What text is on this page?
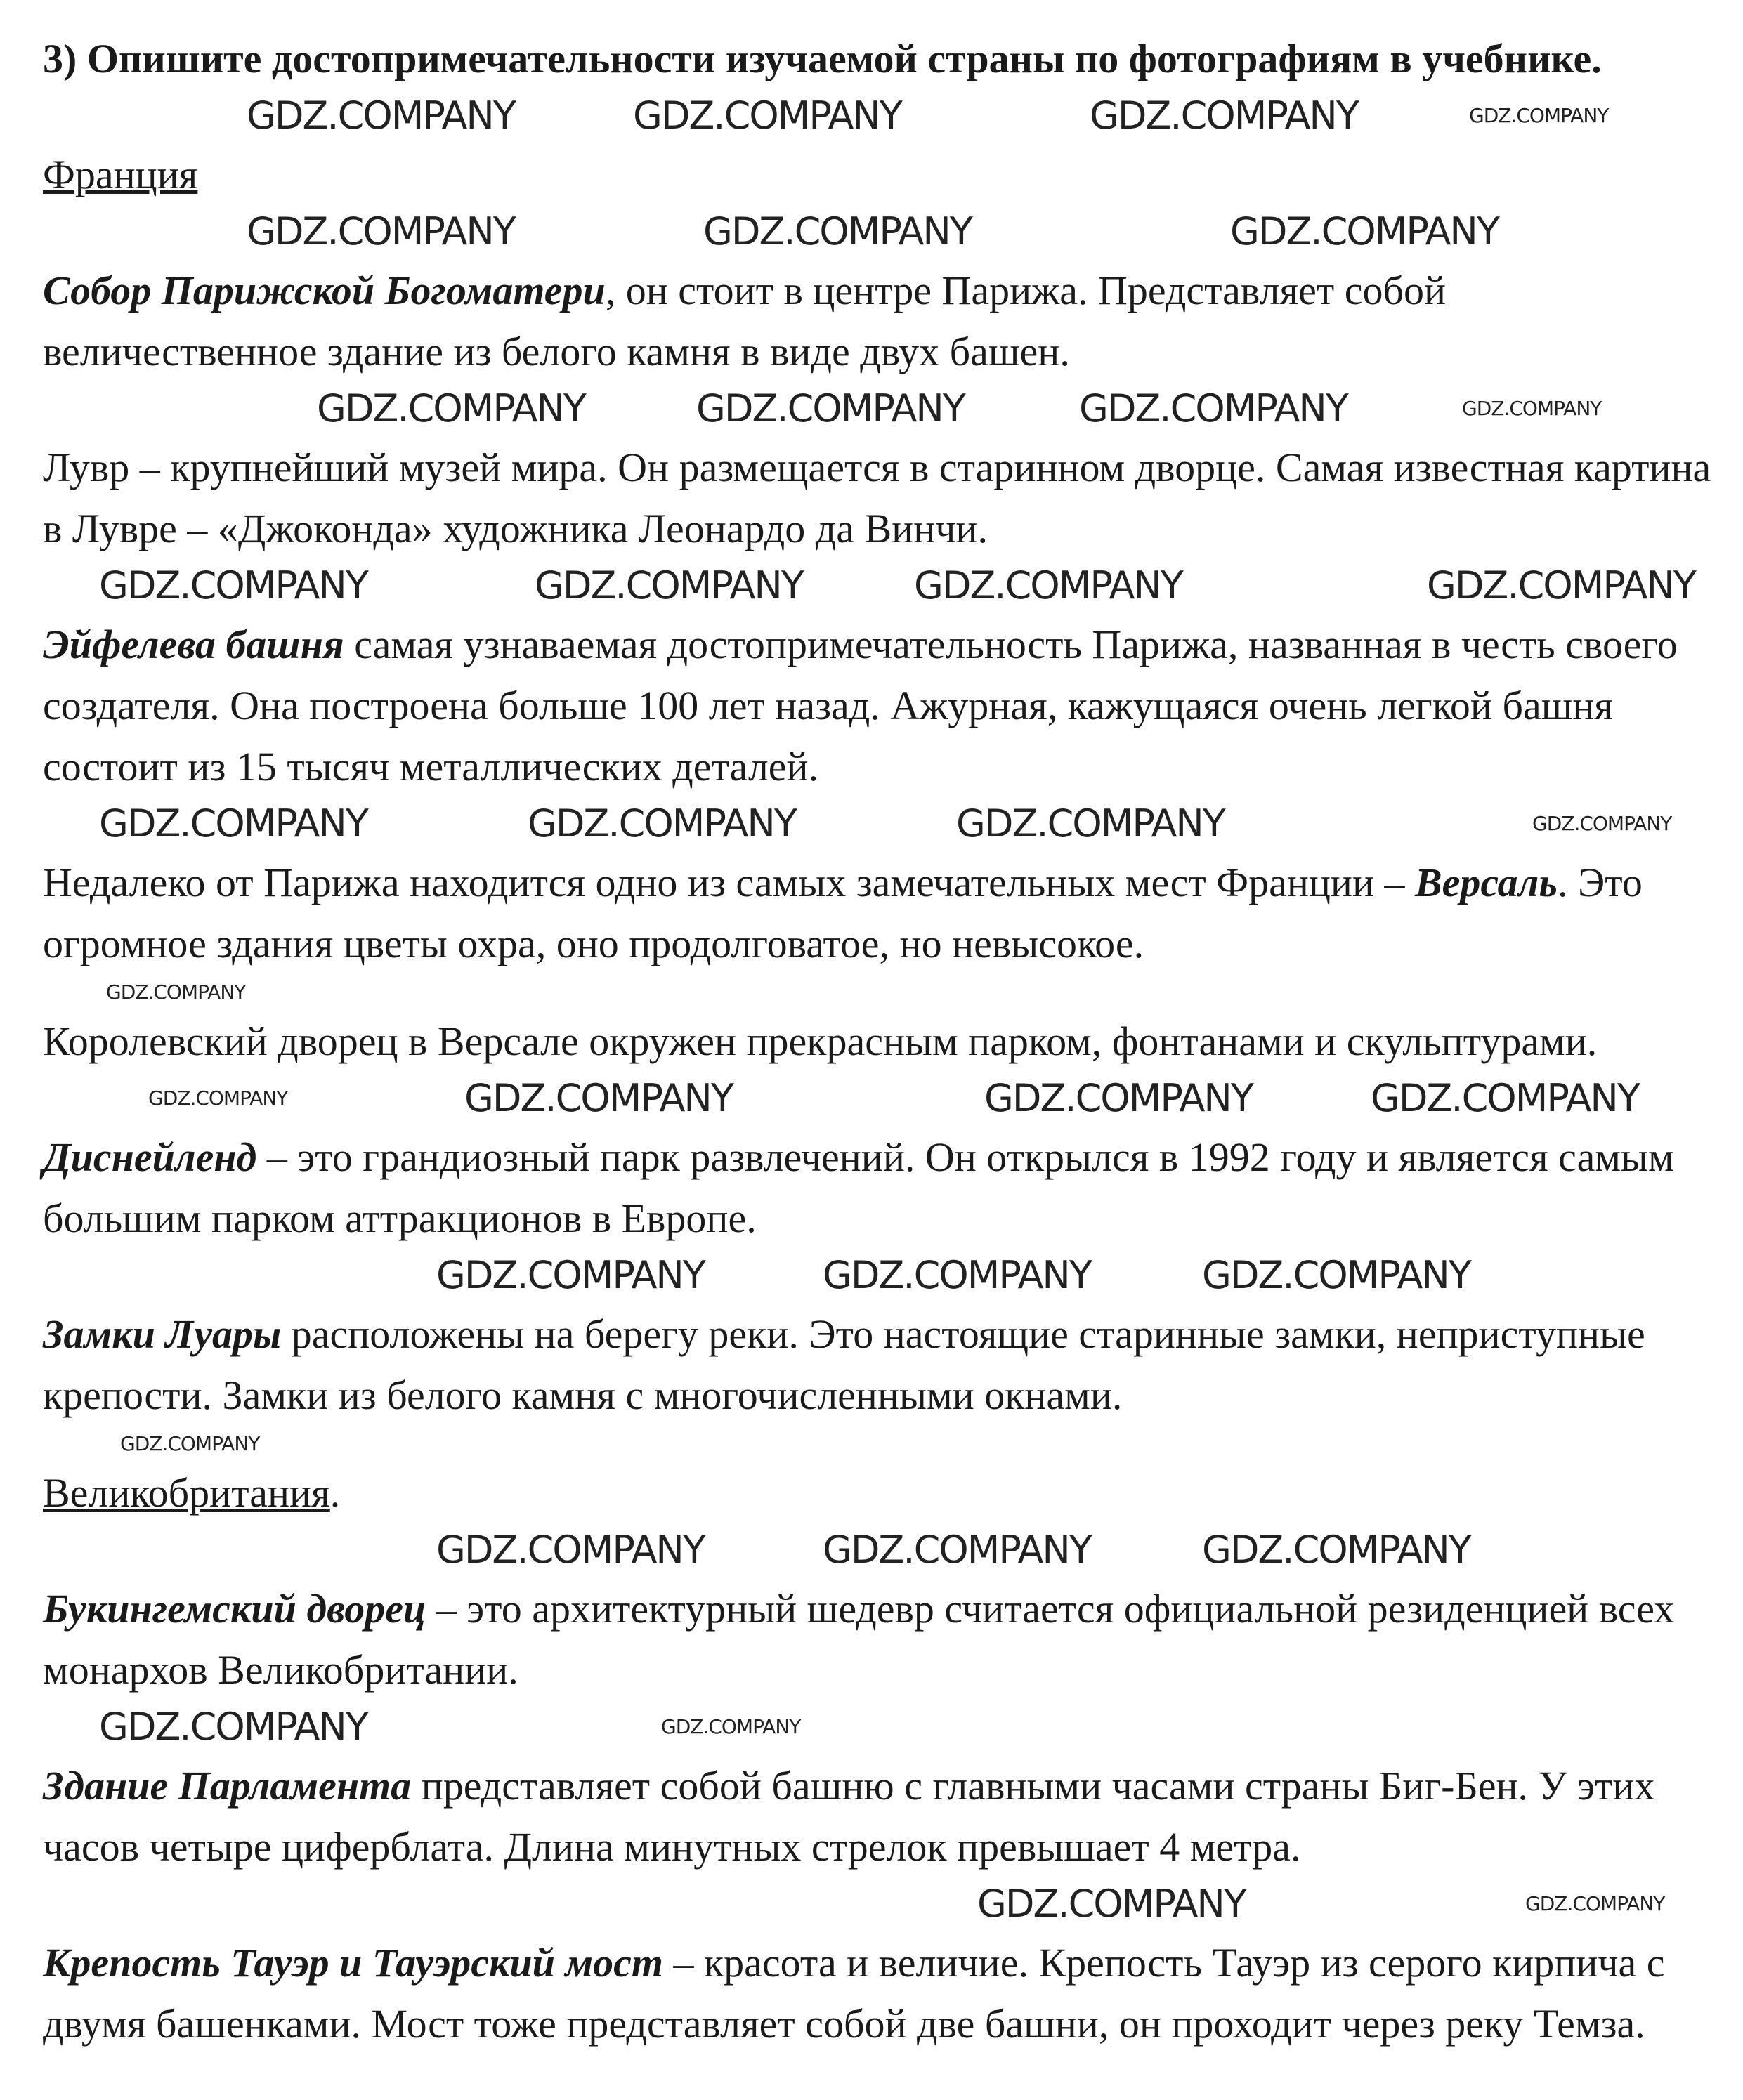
3) Опишите достопримечательности изучаемой страны по фотографиям в учебнике.
GDZ.COMPANY	GDZ.COMPANY	GDZ.COMPANY	GDZ.COMPANY
Франция
GDZ.COMPANY	GDZ.COMPANY	GDZ.COMPANY

Собор Парижской Богоматери, он стоит в центре Парижа. Представляет собой величественное здание из белого камня в виде двух башен.

GDZ.COMPANY	GDZ.COMPANY	GDZ.COMPANY	GDZ.COMPANY

Лувр – крупнейший музей мира. Он размещается в старинном дворце. Самая известная картина в Лувре – «Джоконда» художника Леонардо да Винчи.

GDZ.COMPANY	GDZ.COMPANY	GDZ.COMPANY	GDZ.COMPANY

Эйфелева башня самая узнаваемая достопримечательность Парижа, названная в честь своего создателя. Она построена больше 100 лет назад. Ажурная, кажущаяся очень легкой башня состоит из 15 тысяч металлических деталей.

GDZ.COMPANY	GDZ.COMPANY	GDZ.COMPANY	GDZ.COMPANY

Недалеко от Парижа находится одно из самых замечательных мест Франции – Версаль. Это огромное здания цветы охра, оно продолговатое, но невысокое.

GDZ.COMPANY

Королевский дворец в Версале окружен прекрасным парком, фонтанами и скульптурами.

GDZ.COMPANY	GDZ.COMPANY	GDZ.COMPANY	GDZ.COMPANY

Диснейленд – это грандиозный парк развлечений. Он открылся в 1992 году и является самым большим парком аттракционов в Европе.

GDZ.COMPANY	GDZ.COMPANY	GDZ.COMPANY

Замки Луары расположены на берегу реки. Это настоящие старинные замки, неприступные крепости. Замки из белого камня с многочисленными окнами.

GDZ.COMPANY
Великобритания.
GDZ.COMPANY	GDZ.COMPANY	GDZ.COMPANY

Букингемский дворец – это архитектурный шедевр считается официальной резиденцией всех монархов Великобритании.

GDZ.COMPANY	GDZ.COMPANY

Здание Парламента представляет собой башню с главными часами страны Биг-Бен. У этих часов четыре циферблата. Длина минутных стрелок превышает 4 метра.

GDZ.COMPANY	GDZ.COMPANY

Крепость Тауэр и Тауэрский мост – красота и величие. Крепость Тауэр из серого кирпича с двумя башенками. Мост тоже представляет собой две башни, он проходит через реку Темза.
